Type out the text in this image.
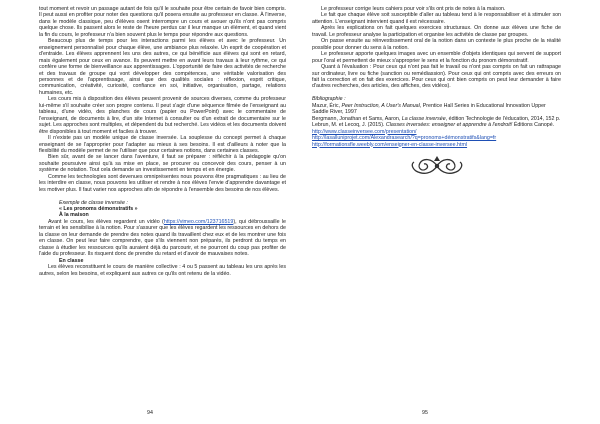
tout moment et revoir un passage autant de fois qu'il le souhaite pour être certain de favoir bien compris. Il peut aussi en profiter pour noter des questions qu'il posera ensuite au professeur en classe. À l'inverse, dans le modèle classique, peu d'élèves osent interrompre un cours et avouer qu'ils n'ont pas compris quelque chose. Ils passent alors le reste de l'heure perdus car il leur manque un élément, et quand vient la fin du cours, le professeur n'a bien souvent plus le temps pour répondre aux questions.

Beaucoup plus de temps pour les interactions parmi les élèves et avec le professeur. Un enseignement personnalisé pour chaque élève, une ambiance plus relaxée. Un esprit de coopération et d'entraide. Les élèves apprennent les uns des autres, ce qui bénéficie aux élèves qui sont en retard, mais également pour ceux en avance. Ils peuvent mettre en avant leurs travaux à leur rythme, ce qui confère une forme de bienveillance aux apprentissages. L'opportunité de faire des activités de recherche et des travaux de groupe qui vont développer des compétences, une véritable valorisation des personnes et de l'apprentissage, ainsi que des qualités sociales : réflexion, esprit critique, communication, créativité, curiosité, confiance en soi, initiative, organisation, partage, relations humaines, etc.

Les cours mis à disposition des élèves peuvent provenir de sources diverses, comme du professeur lui-même s'il souhaite créer son propre contenu. Il peut s'agir d'une séquence filmée de l'enseignant au tableau, d'une vidéo, des planches de cours (papier ou PowerPoint) avec le commentaire de l'enseignant, de documents à lire, d'un site Internet à consulter ou d'un extrait de documentaire sur le sujet. Les approches sont multiples, et dépendent du but recherché. Les vidéos et les documents doivent être disponibles à tout moment et faciles à trouver.

Il n'existe pas un modèle unique de classe inversée. La souplesse du concept permet à chaque enseignant de se l'approprier pour l'adapter au mieux à ses besoins. Il est d'ailleurs à noter que la flexibilité du modèle permet de ne l'utiliser que pour certaines notions, dans certaines classes.

Bien sûr, avant de se lancer dans l'aventure, il faut se préparer : réfléchir à la pédagogie qu'on souhaite poursuivre ainsi qu'à sa mise en place, se procurer ou concevoir des cours, penser à un système de notation. Tout cela demande un investissement en temps et en énergie.

Comme les technologies sont devenues omniprésentes nous pouvons être pragmatiques : au lieu de les interdire en classe, nous pouvons les utiliser et rendre à nos élèves l'envie d'apprendre davantage et les motiver plus. Il faut varier nos approches afin de répondre à l'ensemble des besoins de nos élèves.

Exemple de classe inversée :

« Les pronoms démonstratifs »

À la maison

Avant le cours, les élèves regardent un vidéo (https://vimeo.com/123716519), qui débroussaille le terrain et les sensibilise à la notion. Pour s'assurer que les élèves regardent les ressources en dehors de la classe on leur demande de prendre des notes quand ils travaillent chez eux et de les montrer une fois en classe. On peut leur faire comprendre, que s'ils viennent non préparés, ils perdront du temps en classe à étudier les ressources qu'ils auraient déjà du parcourir, et ne pourront du coup pas profiter de l'aide du professeur. Ils risquent donc de prendre du retard et d'avoir de mauvaises notes.

En classe

Les élèves reconstituent le cours de manière collective : 4 ou 5 passent au tableau les uns après les autres, selon les besoins, et expliquent aux autres ce qu'ils ont retenu de la vidéo.

94

Le professeur corrige leurs cahiers pour voir s'ils ont pris de notes à la maison.

Le fait que chaque élève soit susceptible d'aller au tableau tend à le responsabiliser et à stimuler son attention. L'enseignant intervient quand il est nécessaire.

Après les explications on fait quelques exercices structuraux. On donne aux élèves une fiche de travail. Le professeur analyse la participation et organise les activités de classe par groupes.

On passe ensuite au réinvestissement oral de la notion dans un contexte le plus proche de la réalité possible pour donner du sens à la notion.

Le professeur apporte quelques images avec un ensemble d'objets identiques qui servent de support pour l'oral et permettent de mieux s'approprier le sens et la fonction du pronom démonstratif.

Quant à l'évaluation : Pour ceux qui n'ont pas fait le travail ou n'ont pas compris on fait un rattrapage sur ordinateur, livre ou fiche (sanction ou remédiassion). Pour ceux qui ont compris avec des erreurs on fait la correction et on fait des exercices. Pour ceux qui ont bien compris on peut leur demander à faire d'autres recherches, des articles, des affiches, des vidéos).

Bibliographie :

Mazur, Éric, Peer Instruction, A User's Manual, Prentice Hall Series in Educational Innovation Upper Saddle River, 1997

Bergmann, Jonathan et Sams, Aaron, La classe inversée, édition Technologie de l'éducation, 2014, 152 p.

Lebrun, M. et Lecoq, J. (2015). Classes inversées: enseigner et apprendre à l'endroit! Éditions Canopé.

http://www.classeinversee.com/presentation/

http://lasalluniprojet.com/Alexandrasearch/?q=pronoms+démonstratifs&lang=fr

http://formationsfle.weebly.com/enseigner-en-classe-inversee.html

95
